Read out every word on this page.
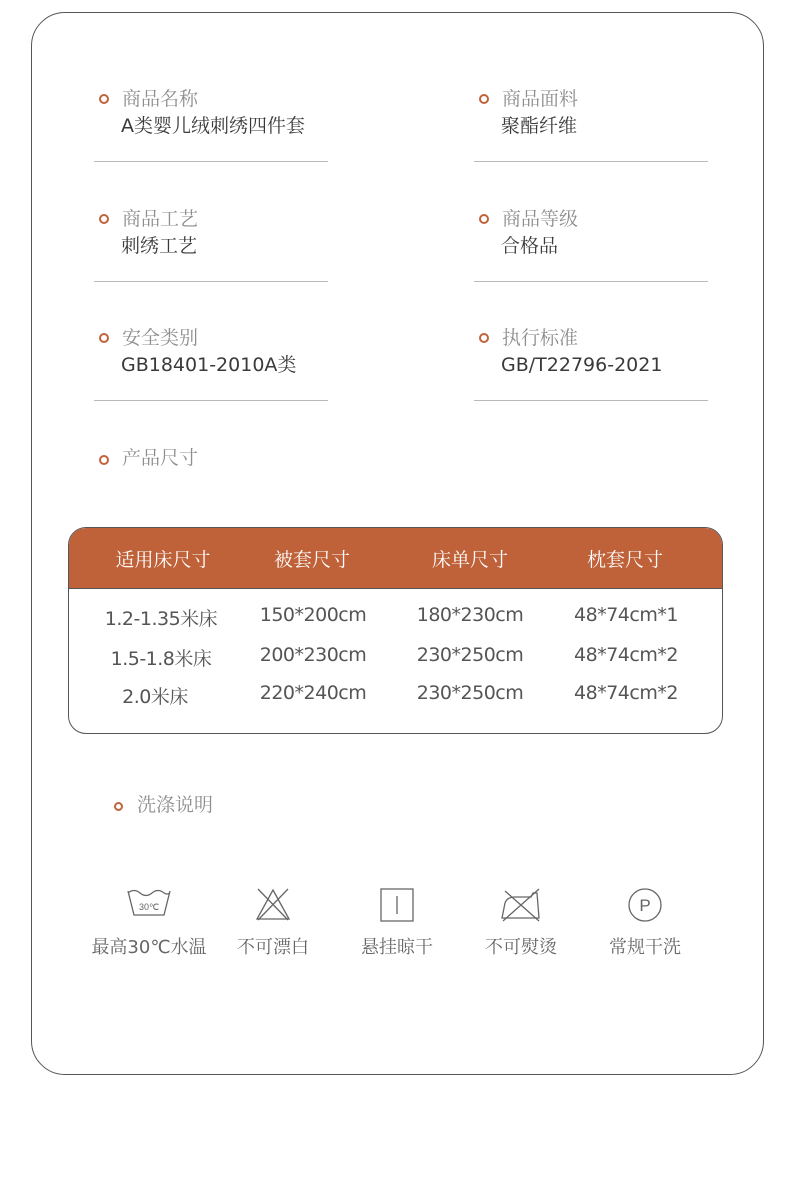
商品名称
A类婴儿绒刺绣四件套
商品面料
聚酯纤维
商品工艺
刺绣工艺
商品等级
合格品
安全类别
GB18401-2010A类
执行标准
GB/T22796-2021
产品尺寸
适用床尺寸	被套尺寸	床单尺寸	枕套尺寸
1.2-1.35米床 150*200cm	180*230cm	48*74cm*1
1.5-1.8米床	200*230cm	230*250cm	48*74cm*2
2.0米床	220*240cm	230*250cm	48*74cm*2
洗涤说明
30℃
最高30℃水温 不可漂白	悬挂晾干	不可熨烫
P
常规干洗
